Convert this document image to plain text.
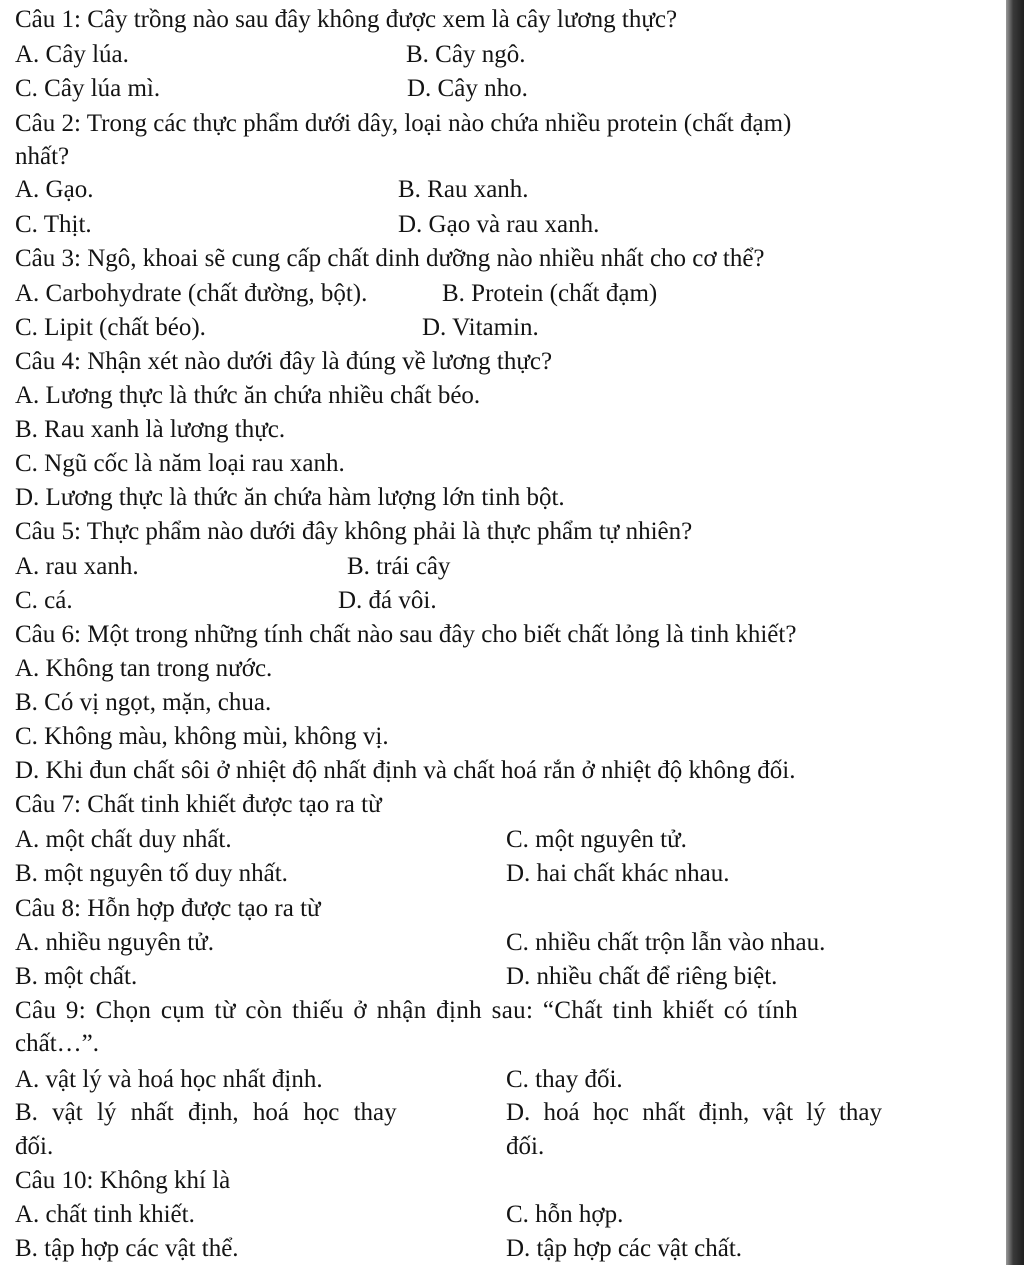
Câu 1: Cây trồng nào sau đây không được xem là cây lương thực?
A. Cây lúa.	B. Cây ngô.
C. Cây lúa mì.	D. Cây nho.
Câu 2: Trong các thực phẩm dưới dây, loại nào chứa nhiều protein (chất đạm)
nhất?
A. Gạo.	B. Rau xanh.
C. Thịt.	D. Gạo và rau xanh.
Câu 3: Ngô, khoai sẽ cung cấp chất dinh dưỡng nào nhiều nhất cho cơ thể?
A. Carbohydrate (chất đường, bột).	B. Protein (chất đạm)
C. Lipit (chất béo).	D. Vitamin.
Câu 4: Nhận xét nào dưới đây là đúng về lương thực?
A. Lương thực là thức ăn chứa nhiều chất béo.
B. Rau xanh là lương thực.
C. Ngũ cốc là năm loại rau xanh.
D. Lương thực là thức ăn chứa hàm lượng lớn tinh bột.
Câu 5: Thực phẩm nào dưới đây không phải là thực phẩm tự nhiên?
A. rau xanh.	B. trái cây
C. cá.	D. đá vôi.
Câu 6: Một trong những tính chất nào sau đây cho biết chất lỏng là tinh khiết?
A. Không tan trong nước.
B. Có vị ngọt, mặn, chua.
C. Không màu, không mùi, không vị.
D. Khi đun chất sôi ở nhiệt độ nhất định và chất hoá rắn ở nhiệt độ không đối.
Câu 7: Chất tinh khiết được tạo ra từ
A. một chất duy nhất.	C. một nguyên tử.
B. một nguyên tố duy nhất.	D. hai chất khác nhau.
Câu 8: Hỗn hợp được tạo ra từ
A. nhiều nguyên tử.	C. nhiều chất trộn lẫn vào nhau.
B. một chất.	D. nhiều chất để riêng biệt.
Câu 9: Chọn cụm từ còn thiếu ở nhận định sau: “Chất tinh khiết có tính
chất…”.
A. vật lý và hoá học nhất định.	C. thay đối.
B. vật lý nhất định, hoá học thay	D. hoá học nhất định, vật lý thay
đối.	đối.
Câu 10: Không khí là
A. chất tinh khiết.	C. hỗn hợp.
B. tập hợp các vật thể.	D. tập hợp các vật chất.
